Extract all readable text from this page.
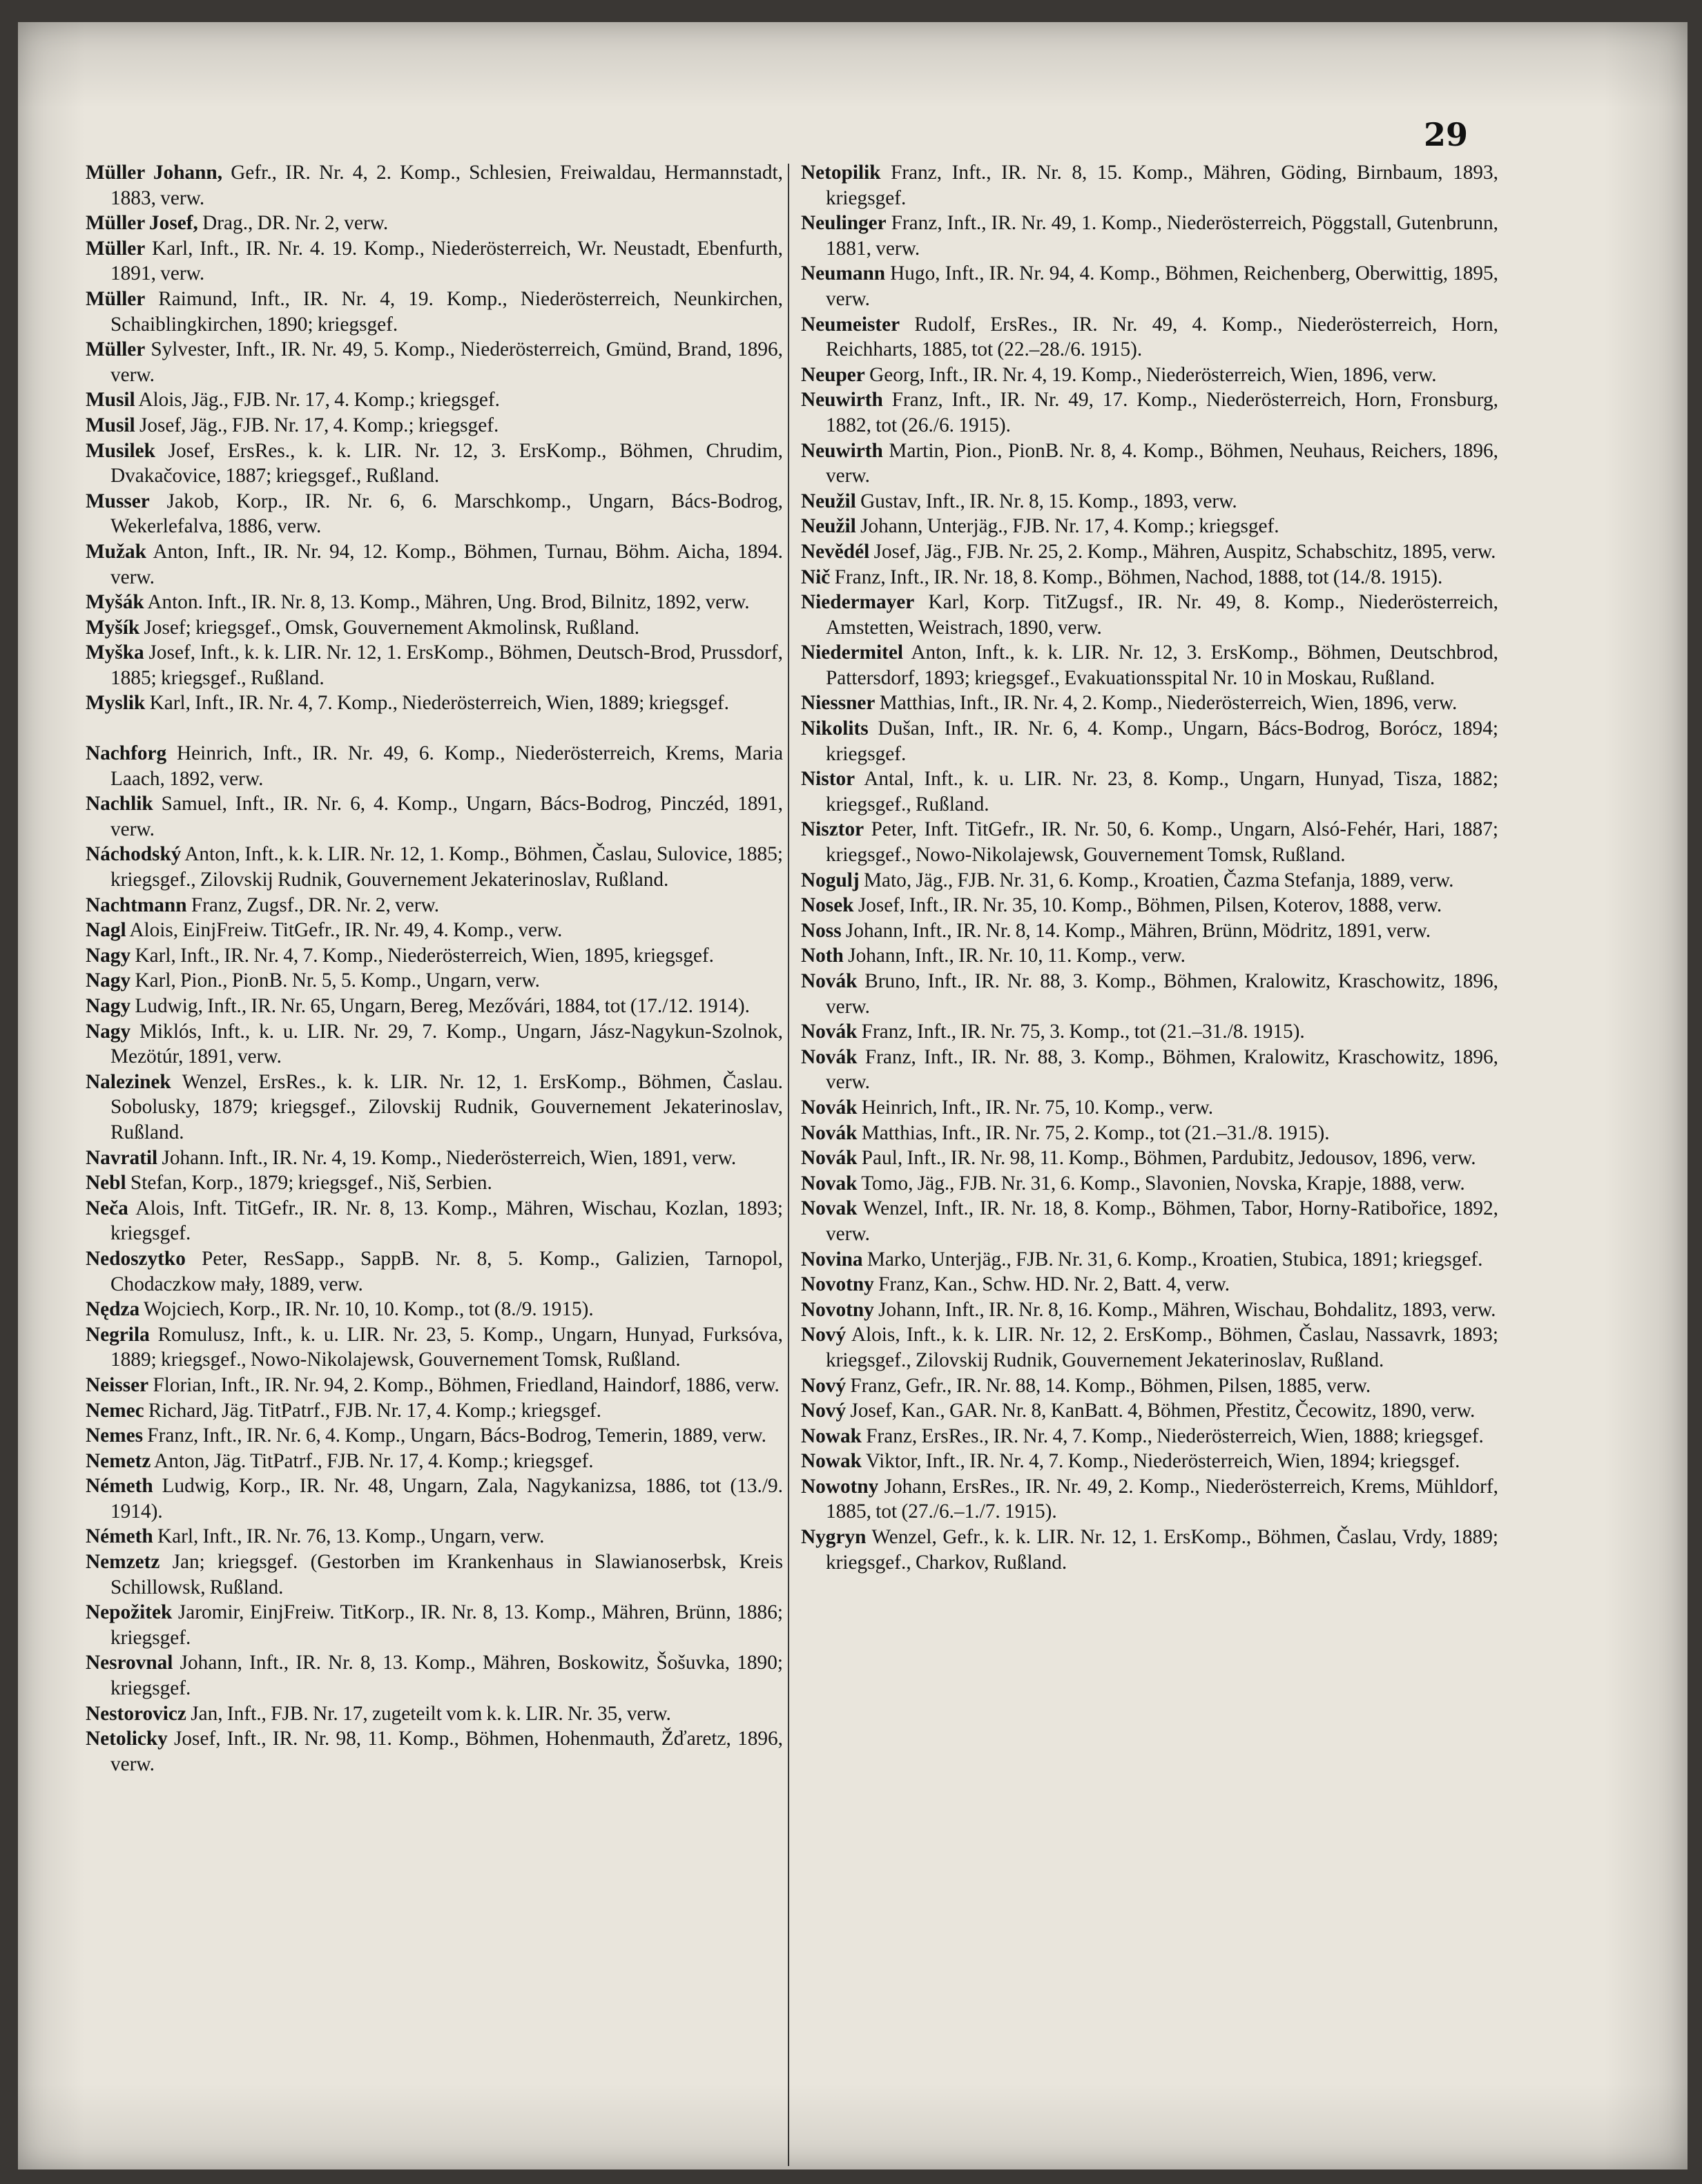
29
Müller Johann, Gefr., IR. Nr. 4, 2. Komp., Schlesien, Freiwaldau, Hermannstadt, 1883, verw.
Müller Josef, Drag., DR. Nr. 2, verw.
Müller Karl, Inft., IR. Nr. 4. 19. Komp., Niederösterreich, Wr. Neustadt, Ebenfurth, 1891, verw.
Müller Raimund, Inft., IR. Nr. 4, 19. Komp., Niederösterreich, Neunkirchen, Schaiblingkirchen, 1890; kriegsgef.
Müller Sylvester, Inft., IR. Nr. 49, 5. Komp., Niederösterreich, Gmünd, Brand, 1896, verw.
Musil Alois, Jäg., FJB. Nr. 17, 4. Komp.; kriegsgef.
Musil Josef, Jäg., FJB. Nr. 17, 4. Komp.; kriegsgef.
Musilek Josef, ErsRes., k. k. LIR. Nr. 12, 3. ErsKomp., Böhmen, Chrudim, Dvakačovice, 1887; kriegsgef., Rußland.
Musser Jakob, Korp., IR. Nr. 6, 6. Marschkomp., Ungarn, Bács-Bodrog, Wekerlefalva, 1886, verw.
Mužak Anton, Inft., IR. Nr. 94, 12. Komp., Böhmen, Turnau, Böhm. Aicha, 1894. verw.
Myšák Anton. Inft., IR. Nr. 8, 13. Komp., Mähren, Ung. Brod, Bilnitz, 1892, verw.
Myšík Josef; kriegsgef., Omsk, Gouvernement Akmolinsk, Rußland.
Myška Josef, Inft., k. k. LIR. Nr. 12, 1. ErsKomp., Böhmen, Deutsch-Brod, Prussdorf, 1885; kriegsgef., Rußland.
Myslik Karl, Inft., IR. Nr. 4, 7. Komp., Niederösterreich, Wien, 1889; kriegsgef.
Nachforg Heinrich, Inft., IR. Nr. 49, 6. Komp., Niederösterreich, Krems, Maria Laach, 1892, verw.
Nachlik Samuel, Inft., IR. Nr. 6, 4. Komp., Ungarn, Bács-Bodrog, Pinczéd, 1891, verw.
Náchodský Anton, Inft., k. k. LIR. Nr. 12, 1. Komp., Böhmen, Časlau, Sulovice, 1885; kriegsgef., Zilovskij Rudnik, Gouvernement Jekaterinoslav, Rußland.
Nachtmann Franz, Zugsf., DR. Nr. 2, verw.
Nagl Alois, EinjFreiw. TitGefr., IR. Nr. 49, 4. Komp., verw.
Nagy Karl, Inft., IR. Nr. 4, 7. Komp., Niederösterreich, Wien, 1895, kriegsgef.
Nagy Karl, Pion., PionB. Nr. 5, 5. Komp., Ungarn, verw.
Nagy Ludwig, Inft., IR. Nr. 65, Ungarn, Bereg, Mezővári, 1884, tot (17./12. 1914).
Nagy Miklós, Inft., k. u. LIR. Nr. 29, 7. Komp., Ungarn, Jász-Nagykun-Szolnok, Mezötúr, 1891, verw.
Nalezinek Wenzel, ErsRes., k. k. LIR. Nr. 12, 1. ErsKomp., Böhmen, Časlau. Sobolusky, 1879; kriegsgef., Zilovskij Rudnik, Gouvernement Jekaterinoslav, Rußland.
Navratil Johann. Inft., IR. Nr. 4, 19. Komp., Niederösterreich, Wien, 1891, verw.
Nebl Stefan, Korp., 1879; kriegsgef., Niš, Serbien.
Neča Alois, Inft. TitGefr., IR. Nr. 8, 13. Komp., Mähren, Wischau, Kozlan, 1893; kriegsgef.
Nedoszytko Peter, ResSapp., SappB. Nr. 8, 5. Komp., Galizien, Tarnopol, Chodaczkow mały, 1889, verw.
Nędza Wojciech, Korp., IR. Nr. 10, 10. Komp., tot (8./9. 1915).
Negrila Romulusz, Inft., k. u. LIR. Nr. 23, 5. Komp., Ungarn, Hunyad, Furksóva, 1889; kriegsgef., Nowo-Nikolajewsk, Gouvernement Tomsk, Rußland.
Neisser Florian, Inft., IR. Nr. 94, 2. Komp., Böhmen, Friedland, Haindorf, 1886, verw.
Nemec Richard, Jäg. TitPatrf., FJB. Nr. 17, 4. Komp.; kriegsgef.
Nemes Franz, Inft., IR. Nr. 6, 4. Komp., Ungarn, Bács-Bodrog, Temerin, 1889, verw.
Nemetz Anton, Jäg. TitPatrf., FJB. Nr. 17, 4. Komp.; kriegsgef.
Németh Ludwig, Korp., IR. Nr. 48, Ungarn, Zala, Nagykanizsa, 1886, tot (13./9. 1914).
Németh Karl, Inft., IR. Nr. 76, 13. Komp., Ungarn, verw.
Nemzetz Jan; kriegsgef. (Gestorben im Krankenhaus in Slawianoserbsk, Kreis Schillowsk, Rußland.
Nepožitek Jaromir, EinjFreiw. TitKorp., IR. Nr. 8, 13. Komp., Mähren, Brünn, 1886; kriegsgef.
Nesrovnal Johann, Inft., IR. Nr. 8, 13. Komp., Mähren, Boskowitz, Šošuvka, 1890; kriegsgef.
Nestorovicz Jan, Inft., FJB. Nr. 17, zugeteilt vom k. k. LIR. Nr. 35, verw.
Netolicky Josef, Inft., IR. Nr. 98, 11. Komp., Böhmen, Hohenmauth, Žďaretz, 1896, verw.
Netopilik Franz, Inft., IR. Nr. 8, 15. Komp., Mähren, Göding, Birnbaum, 1893, kriegsgef.
Neulinger Franz, Inft., IR. Nr. 49, 1. Komp., Niederösterreich, Pöggstall, Gutenbrunn, 1881, verw.
Neumann Hugo, Inft., IR. Nr. 94, 4. Komp., Böhmen, Reichenberg, Oberwittig, 1895, verw.
Neumeister Rudolf, ErsRes., IR. Nr. 49, 4. Komp., Niederösterreich, Horn, Reichharts, 1885, tot (22.–28./6. 1915).
Neuper Georg, Inft., IR. Nr. 4, 19. Komp., Niederösterreich, Wien, 1896, verw.
Neuwirth Franz, Inft., IR. Nr. 49, 17. Komp., Niederösterreich, Horn, Fronsburg, 1882, tot (26./6. 1915).
Neuwirth Martin, Pion., PionB. Nr. 8, 4. Komp., Böhmen, Neuhaus, Reichers, 1896, verw.
Neužil Gustav, Inft., IR. Nr. 8, 15. Komp., 1893, verw.
Neužil Johann, Unterjäg., FJB. Nr. 17, 4. Komp.; kriegsgef.
Nevědél Josef, Jäg., FJB. Nr. 25, 2. Komp., Mähren, Auspitz, Schabschitz, 1895, verw.
Nič Franz, Inft., IR. Nr. 18, 8. Komp., Böhmen, Nachod, 1888, tot (14./8. 1915).
Niedermayer Karl, Korp. TitZugsf., IR. Nr. 49, 8. Komp., Niederösterreich, Amstetten, Weistrach, 1890, verw.
Niedermitel Anton, Inft., k. k. LIR. Nr. 12, 3. ErsKomp., Böhmen, Deutschbrod, Pattersdorf, 1893; kriegsgef., Evakuationsspital Nr. 10 in Moskau, Rußland.
Niessner Matthias, Inft., IR. Nr. 4, 2. Komp., Niederösterreich, Wien, 1896, verw.
Nikolits Dušan, Inft., IR. Nr. 6, 4. Komp., Ungarn, Bács-Bodrog, Borócz, 1894; kriegsgef.
Nistor Antal, Inft., k. u. LIR. Nr. 23, 8. Komp., Ungarn, Hunyad, Tisza, 1882; kriegsgef., Rußland.
Nisztor Peter, Inft. TitGefr., IR. Nr. 50, 6. Komp., Ungarn, Alsó-Fehér, Hari, 1887; kriegsgef., Nowo-Nikolajewsk, Gouvernement Tomsk, Rußland.
Nogulj Mato, Jäg., FJB. Nr. 31, 6. Komp., Kroatien, Čazma Stefanja, 1889, verw.
Nosek Josef, Inft., IR. Nr. 35, 10. Komp., Böhmen, Pilsen, Koterov, 1888, verw.
Noss Johann, Inft., IR. Nr. 8, 14. Komp., Mähren, Brünn, Mödritz, 1891, verw.
Noth Johann, Inft., IR. Nr. 10, 11. Komp., verw.
Novák Bruno, Inft., IR. Nr. 88, 3. Komp., Böhmen, Kralowitz, Kraschowitz, 1896, verw.
Novák Franz, Inft., IR. Nr. 75, 3. Komp., tot (21.–31./8. 1915).
Novák Franz, Inft., IR. Nr. 88, 3. Komp., Böhmen, Kralowitz, Kraschowitz, 1896, verw.
Novák Heinrich, Inft., IR. Nr. 75, 10. Komp., verw.
Novák Matthias, Inft., IR. Nr. 75, 2. Komp., tot (21.–31./8. 1915).
Novák Paul, Inft., IR. Nr. 98, 11. Komp., Böhmen, Pardubitz, Jedousov, 1896, verw.
Novak Tomo, Jäg., FJB. Nr. 31, 6. Komp., Slavonien, Novska, Krapje, 1888, verw.
Novak Wenzel, Inft., IR. Nr. 18, 8. Komp., Böhmen, Tabor, Horny-Ratibořice, 1892, verw.
Novina Marko, Unterjäg., FJB. Nr. 31, 6. Komp., Kroatien, Stubica, 1891; kriegsgef.
Novotny Franz, Kan., Schw. HD. Nr. 2, Batt. 4, verw.
Novotny Johann, Inft., IR. Nr. 8, 16. Komp., Mähren, Wischau, Bohdalitz, 1893, verw.
Nový Alois, Inft., k. k. LIR. Nr. 12, 2. ErsKomp., Böhmen, Časlau, Nassavrk, 1893; kriegsgef., Zilovskij Rudnik, Gouvernement Jekaterinoslav, Rußland.
Nový Franz, Gefr., IR. Nr. 88, 14. Komp., Böhmen, Pilsen, 1885, verw.
Nový Josef, Kan., GAR. Nr. 8, KanBatt. 4, Böhmen, Přestitz, Čecowitz, 1890, verw.
Nowak Franz, ErsRes., IR. Nr. 4, 7. Komp., Niederösterreich, Wien, 1888; kriegsgef.
Nowak Viktor, Inft., IR. Nr. 4, 7. Komp., Niederösterreich, Wien, 1894; kriegsgef.
Nowotny Johann, ErsRes., IR. Nr. 49, 2. Komp., Niederösterreich, Krems, Mühldorf, 1885, tot (27./6.–1./7. 1915).
Nygryn Wenzel, Gefr., k. k. LIR. Nr. 12, 1. ErsKomp., Böhmen, Časlau, Vrdy, 1889; kriegsgef., Charkov, Rußland.
